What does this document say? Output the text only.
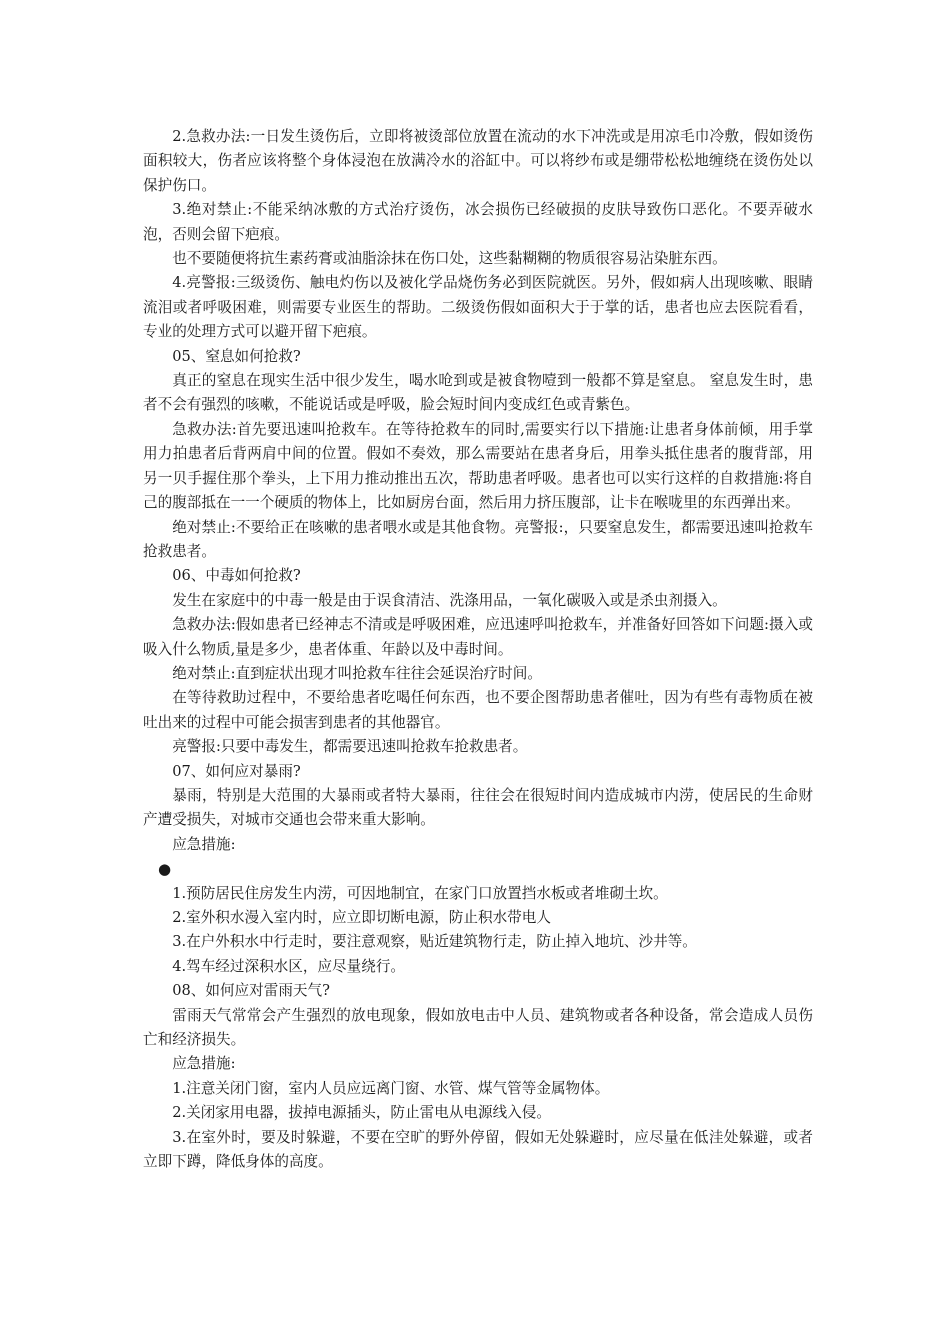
2.急救办法:一日发生烫伤后，立即将被烫部位放置在流动的水下冲洗或是用凉毛巾冷敷，假如烫伤面积较大，伤者应该将整个身体浸泡在放满冷水的浴缸中。可以将纱布或是绷带松松地缠绕在烫伤处以保护伤口。

3.绝对禁止:不能采纳冰敷的方式治疗烫伤，冰会损伤已经破损的皮肤导致伤口恶化。不要弄破水泡，否则会留下疤痕。

也不要随便将抗生素药膏或油脂涂抹在伤口处，这些黏糊糊的物质很容易沾染脏东西。

4.亮警报:三级烫伤、触电灼伤以及被化学品烧伤务必到医院就医。另外，假如病人出现咳嗽、眼睛流泪或者呼吸困难，则需要专业医生的帮助。二级烫伤假如面积大于于掌的话，患者也应去医院看看，专业的处理方式可以避开留下疤痕。

05、窒息如何抢救?

真正的窒息在现实生活中很少发生，喝水呛到或是被食物噎到一般都不算是窒息。 窒息发生时，患者不会有强烈的咳嗽，不能说话或是呼吸，脸会短时间内变成红色或青紫色。

急救办法:首先要迅速叫抢救车。在等待抢救车的同时,需要实行以下措施:让患者身体前倾，用手掌用力拍患者后背两肩中间的位置。假如不奏效，那么需要站在患者身后，用拳头抵住患者的腹背部，用另一贝手握住那个拳头，上下用力推动推出五次，帮助患者呼吸。患者也可以实行这样的自救措施:将自己的腹部抵在一一个硬质的物体上，比如厨房台面，然后用力挤压腹部，让卡在喉咙里的东西弹出来。

绝对禁止:不要给正在咳嗽的患者喂水或是其他食物。亮警报:，只要窒息发生，都需要迅速叫抢救车抢救患者。

06、中毒如何抢救?

发生在家庭中的中毒一般是由于误食清洁、洗涤用品，一氧化碳吸入或是杀虫剂摄入。

急救办法:假如患者已经神志不清或是呼吸困难，应迅速呼叫抢救车，并准备好回答如下问题:摄入或吸入什么物质,量是多少，患者体重、年龄以及中毒时间。

绝对禁止:直到症状出现才叫抢救车往往会延误治疗时间。

在等待救助过程中，不要给患者吃喝任何东西，也不要企图帮助患者催吐，因为有些有毒物质在被吐出来的过程中可能会损害到患者的其他器官。

亮警报:只要中毒发生，都需要迅速叫抢救车抢救患者。

07、如何应对暴雨?

暴雨，特别是大范围的大暴雨或者特大暴雨，往往会在很短时间内造成城市内涝，使居民的生命财产遭受损失，对城市交通也会带来重大影响。

应急措施:

●

1.预防居民住房发生内涝，可因地制宜，在家门口放置挡水板或者堆砌土坎。

2.室外积水漫入室内时，应立即切断电源，防止积水带电人

3.在户外积水中行走时，要注意观察，贴近建筑物行走，防止掉入地坑、沙井等。

4.驾车经过深积水区，应尽量绕行。

08、如何应对雷雨天气?

雷雨天气常常会产生强烈的放电现象，假如放电击中人员、建筑物或者各种设备，常会造成人员伤亡和经济损失。

应急措施:

1.注意关闭门窗，室内人员应远离门窗、水管、煤气管等金属物体。

2.关闭家用电器，拔掉电源插头，防止雷电从电源线入侵。

3.在室外时，要及时躲避，不要在空旷的野外停留，假如无处躲避时，应尽量在低洼处躲避，或者立即下蹲，降低身体的高度。
